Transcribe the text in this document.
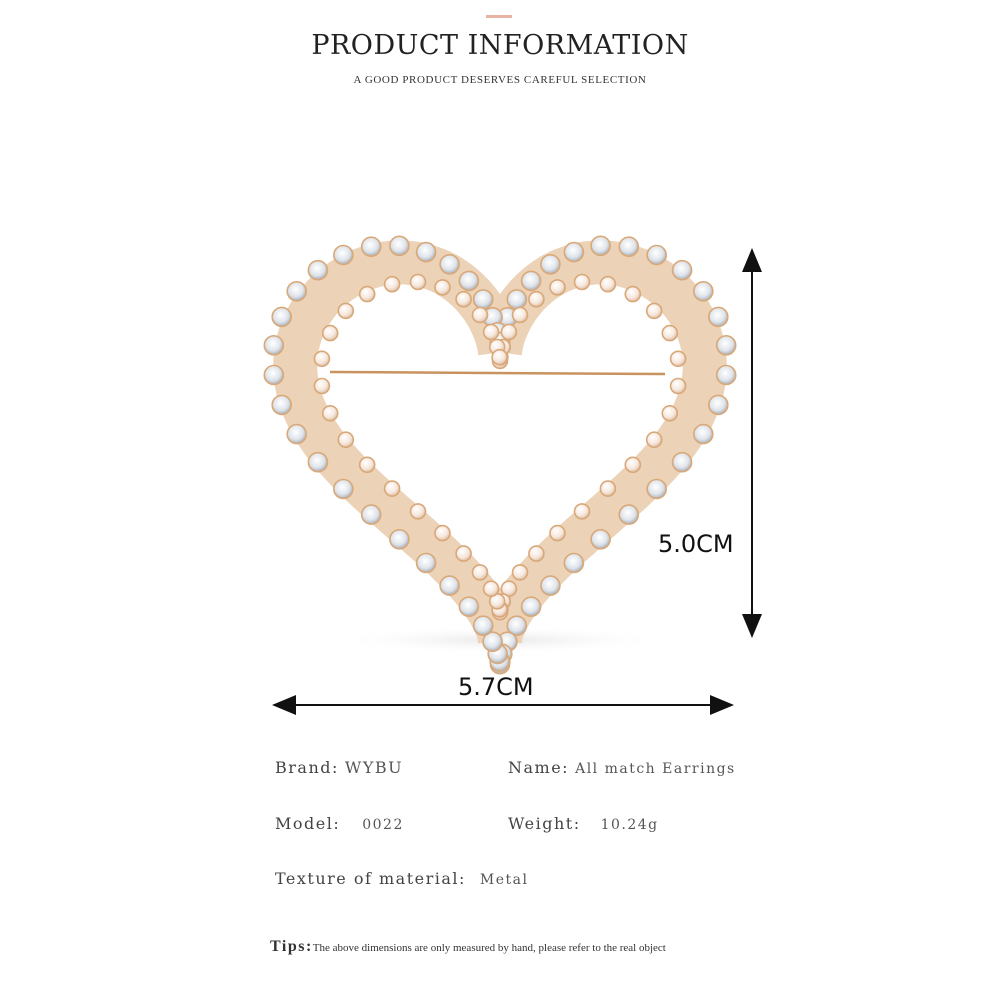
PRODUCT INFORMATION
A GOOD PRODUCT DESERVES CAREFUL SELECTION
5.0CM
5.7CM
Brand: WYBU	Name: All match Earrings
Model: 0022	Weight: 10.24g
Texture of material: Metal
Tips:The above dimensions are only measured by hand, please refer to the real object
